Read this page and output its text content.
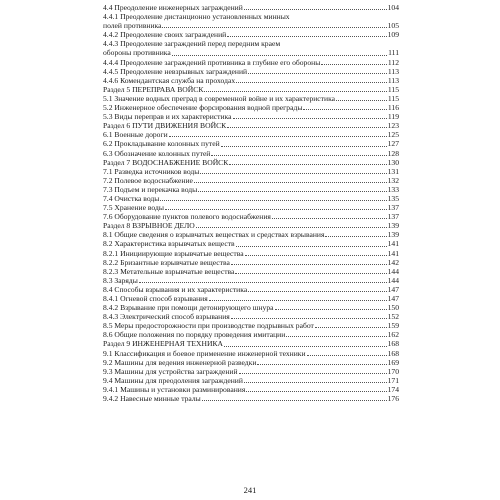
4.4 Преодоление инженерных заграждений	104
4.4.1 Преодоление дистанционно установленных минных
полей противника	105
4.4.2 Преодоление своих заграждений	109
4.4.3 Преодоление заграждений перед передним краем
обороны противника	111
4.4.4 Преодоление заграждений противника в глубине его обороны	112
4.4.5 Преодоление невзрывных заграждений	113
4.4.6 Комендантская служба на проходах	113
Раздел 5 ПЕРЕПРАВА ВОЙСК	115
5.1 Значение водных преград в современной войне и их характеристика	115
5.2 Инженерное обеспечение форсирования водной преграды	116
5.3 Виды переправ и их характеристика	119
Раздел 6 ПУТИ ДВИЖЕНИЯ ВОЙСК	123
6.1 Военные дороги	125
6.2 Прокладывание колонных путей	127
6.3 Обозначение колонных путей	128
Раздел 7 ВОДОСНАБЖЕНИЕ ВОЙСК	130
7.1 Разведка источников воды	131
7.2 Полевое водоснабжение	132
7.3 Подъем и перекачка воды	133
7.4 Очистка воды	135
7.5 Хранение воды	137
7.6 Оборудование пунктов полевого водоснабжения	137
Раздел 8 ВЗРЫВНОЕ ДЕЛО	139
8.1 Общие сведения о взрывчатых веществах и средствах взрывания	139
8.2 Характеристика взрывчатых веществ	141
8.2.1 Инициирующие взрывчатые вещества	141
8.2.2 Бризантные взрывчатые вещества	142
8.2.3 Метательные взрывчатые вещества	144
8.3 Заряды	144
8.4 Способы взрывания и их характеристика	147
8.4.1 Огневой способ взрывания	147
8.4.2 Взрывание при помощи детонирующего шнура	150
8.4.3 Электрический способ взрывания	152
8.5 Меры предосторожности при производстве подрывных работ	159
8.6 Общие положения по порядку проведения имитации	162
Раздел 9 ИНЖЕНЕРНАЯ ТЕХНИКА	168
9.1 Классификация и боевое применение инженерной техники	168
9.2 Машины для ведения инженерной разведки	169
9.3 Машины для устройства заграждений	170
9.4 Машины для преодоления заграждений	171
9.4.1 Машины и установки разминирования	174
9.4.2 Навесные минные тралы	176
241
